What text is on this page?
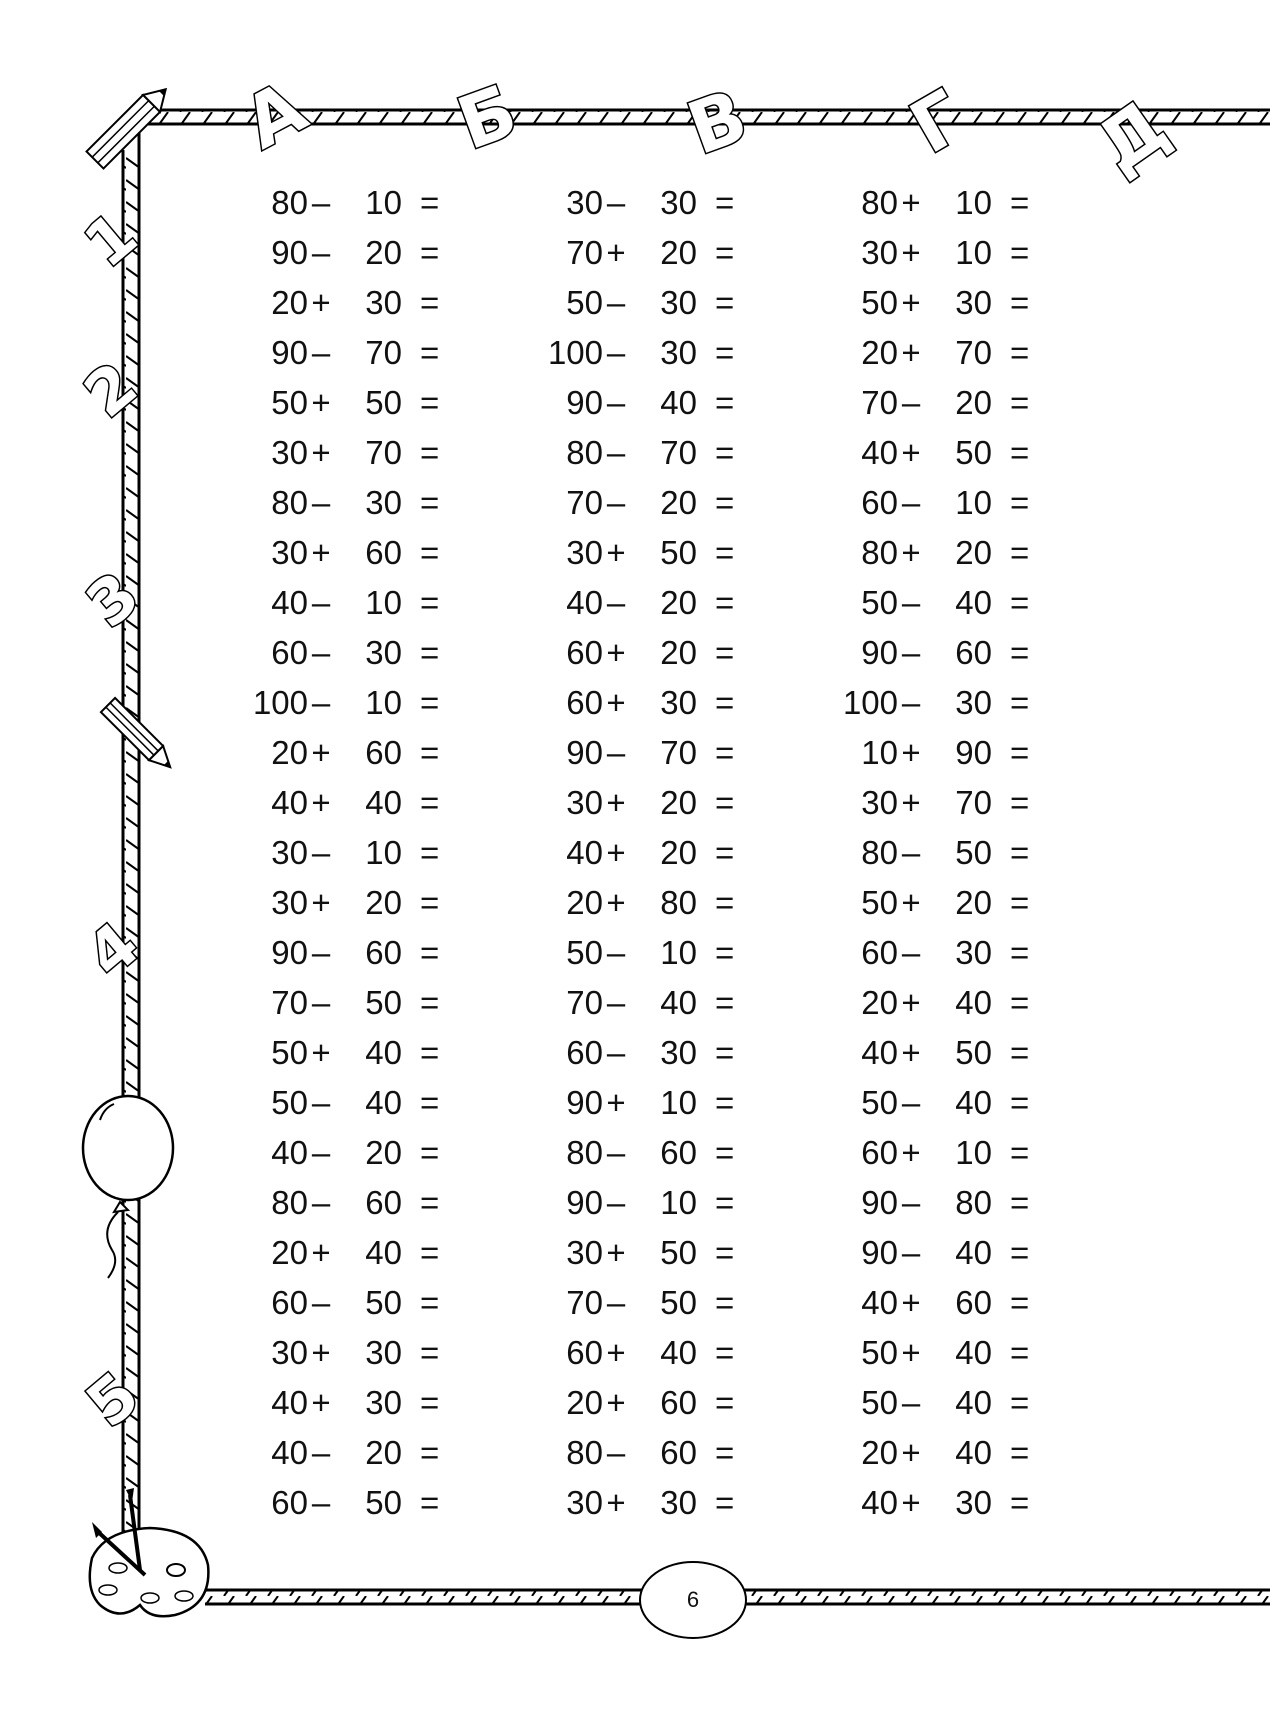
А Б В Г Д
1
2
3
4
5
80 – 10 =
90 – 20 =
20 + 30 =
90 – 70 =
50 + 50 =
30 + 70 =
80 – 30 =
30 + 60 =
40 – 10 =
60 – 30 =
100 – 10 =
20 + 60 =
40 + 40 =
30 – 10 =
30 + 20 =
90 – 60 =
70 – 50 =
50 + 40 =
50 – 40 =
40 – 20 =
80 – 60 =
20 + 40 =
60 – 50 =
30 + 30 =
40 + 30 =
40 – 20 =
60 – 50 =
30 – 30 =
70 + 20 =
50 – 30 =
100 – 30 =
90 – 40 =
80 – 70 =
70 – 20 =
30 + 50 =
40 – 20 =
60 + 20 =
60 + 30 =
90 – 70 =
30 + 20 =
40 + 20 =
20 + 80 =
50 – 10 =
70 – 40 =
60 – 30 =
90 + 10 =
80 – 60 =
90 – 10 =
30 + 50 =
70 – 50 =
60 + 40 =
20 + 60 =
80 – 60 =
30 + 30 =
80 + 10 =
30 + 10 =
50 + 30 =
20 + 70 =
70 – 20 =
40 + 50 =
60 – 10 =
80 + 20 =
50 – 40 =
90 – 60 =
100 – 30 =
10 + 90 =
30 + 70 =
80 – 50 =
50 + 20 =
60 – 30 =
20 + 40 =
40 + 50 =
50 – 40 =
60 + 10 =
90 – 80 =
90 – 40 =
40 + 60 =
50 + 40 =
50 – 40 =
20 + 40 =
40 + 30 =
6
